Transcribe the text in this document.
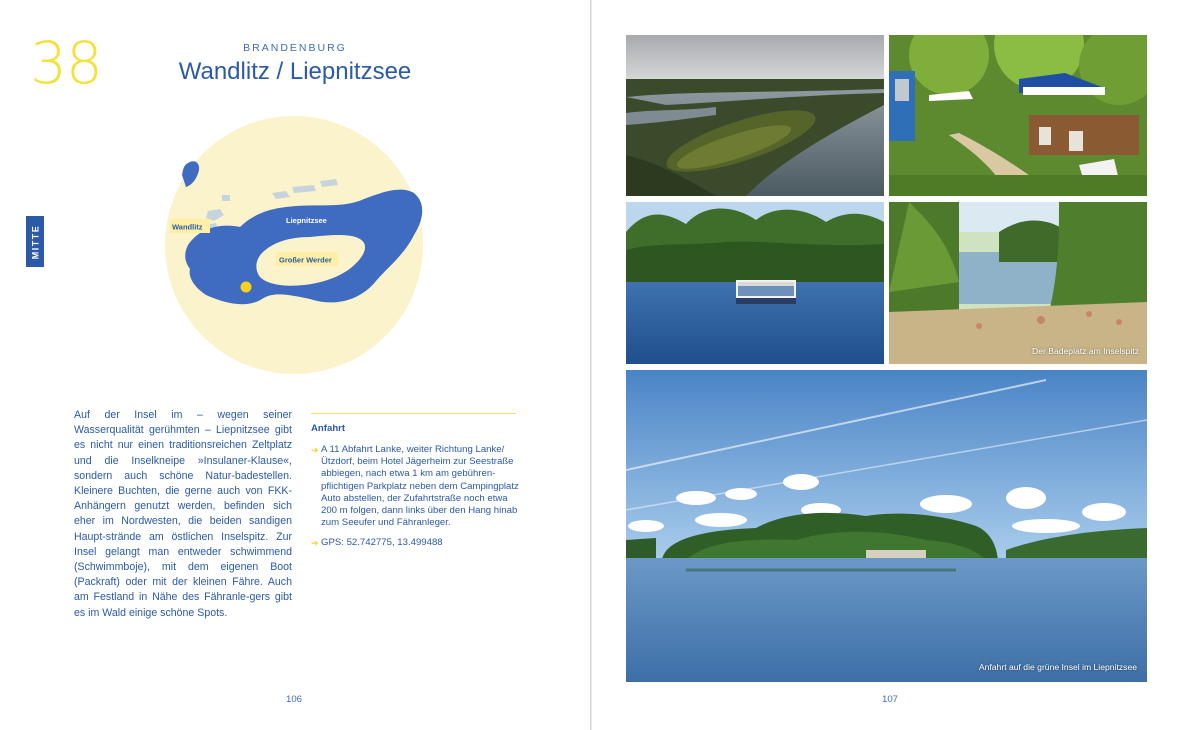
38	BRANDENBURG
Wandlitz / Liepnitzsee
MITTE	Wandlitz
Liepnitzsee
Großer Werder
Auf der Insel im – wegen seiner Wasserqualität gerühmten – Liepnitzsee gibt es nicht nur einen traditionsreichen Zeltplatz und die Inselkneipe »Insulaner-Klause«, sondern auch schöne Natur-badestellen. Kleinere Buchten, die gerne auch von FKK-Anhängern genutzt werden, befinden sich eher im Nordwesten, die beiden sandigen Haupt-strände am östlichen Inselspitz. Zur Insel gelangt man entweder schwimmend (Schwimmboje), mit dem eigenen Boot (Packraft) oder mit der kleinen Fähre. Auch am Festland in Nähe des Fähranle-gers gibt es im Wald einige schöne Spots.
Anfahrt
➔ A 11 Abfahrt Lanke, weiter Richtung Lanke/ Ützdorf, beim Hotel Jägerheim zur Seestraße abbiegen, nach etwa 1 km am gebühren-pflichtigen Parkplatz neben dem Campingplatz Auto abstellen, der Zufahrtstraße noch etwa 200 m folgen, dann links über den Hang hinab zum Seeufer und Fähranleger.
➔ GPS: 52.742775, 13.499488
106
Der Badeplatz am Inselspitz
Anfahrt auf die grüne Insel im Liepnitzsee
107
